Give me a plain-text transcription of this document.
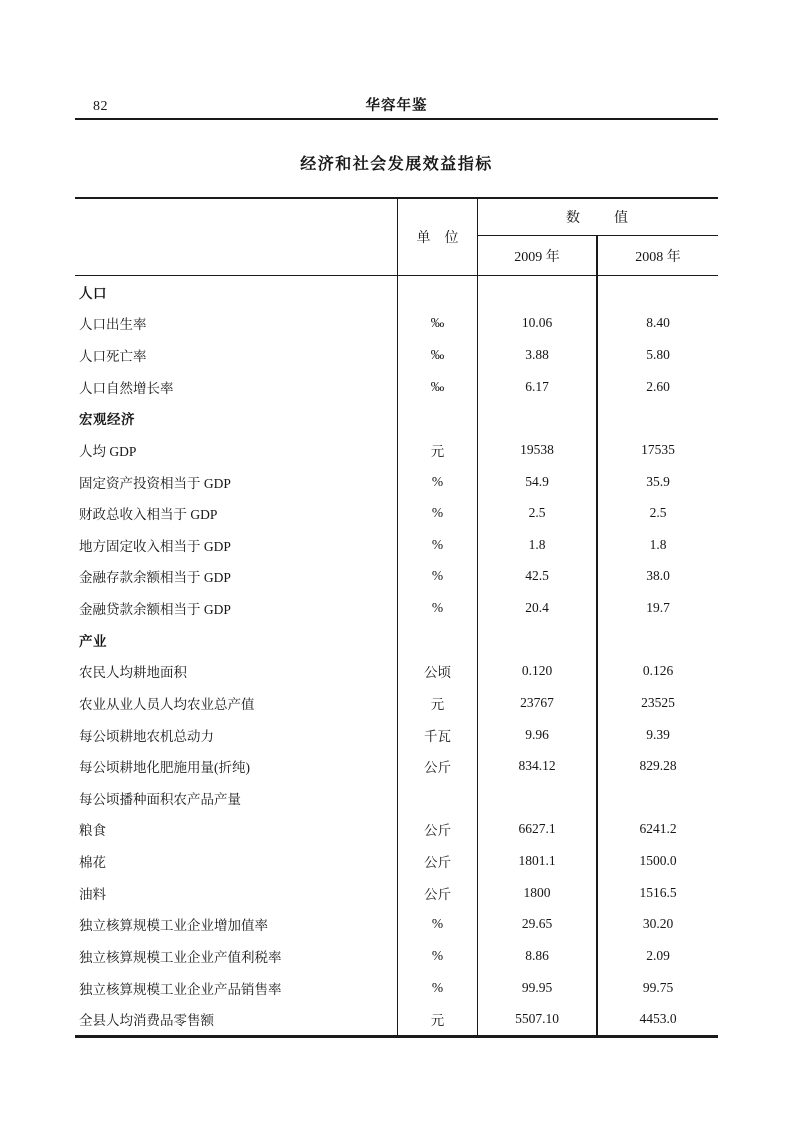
82	华容年鉴
经济和社会发展效益指标
单　位
数　　值
2009 年	2008 年
人口
人口出生率	‰	10.06	8.40
人口死亡率	‰	3.88	5.80
人口自然增长率	‰	6.17	2.60
宏观经济
人均 GDP	元	19538	17535
固定资产投资相当于 GDP	%	54.9	35.9
财政总收入相当于 GDP	%	2.5	2.5
地方固定收入相当于 GDP	%	1.8	1.8
金融存款余额相当于 GDP	%	42.5	38.0
金融贷款余额相当于 GDP	%	20.4	19.7
产业
农民人均耕地面积	公顷	0.120	0.126
农业从业人员人均农业总产值	元	23767	23525
每公顷耕地农机总动力	千瓦	9.96	9.39
每公顷耕地化肥施用量(折纯)	公斤	834.12	829.28
每公顷播种面积农产品产量
粮食	公斤	6627.1	6241.2
棉花	公斤	1801.1	1500.0
油料	公斤	1800	1516.5
独立核算规模工业企业增加值率	%	29.65	30.20
独立核算规模工业企业产值利税率	%	8.86	2.09
独立核算规模工业企业产品销售率	%	99.95	99.75
全县人均消费品零售额	元	5507.10	4453.0
